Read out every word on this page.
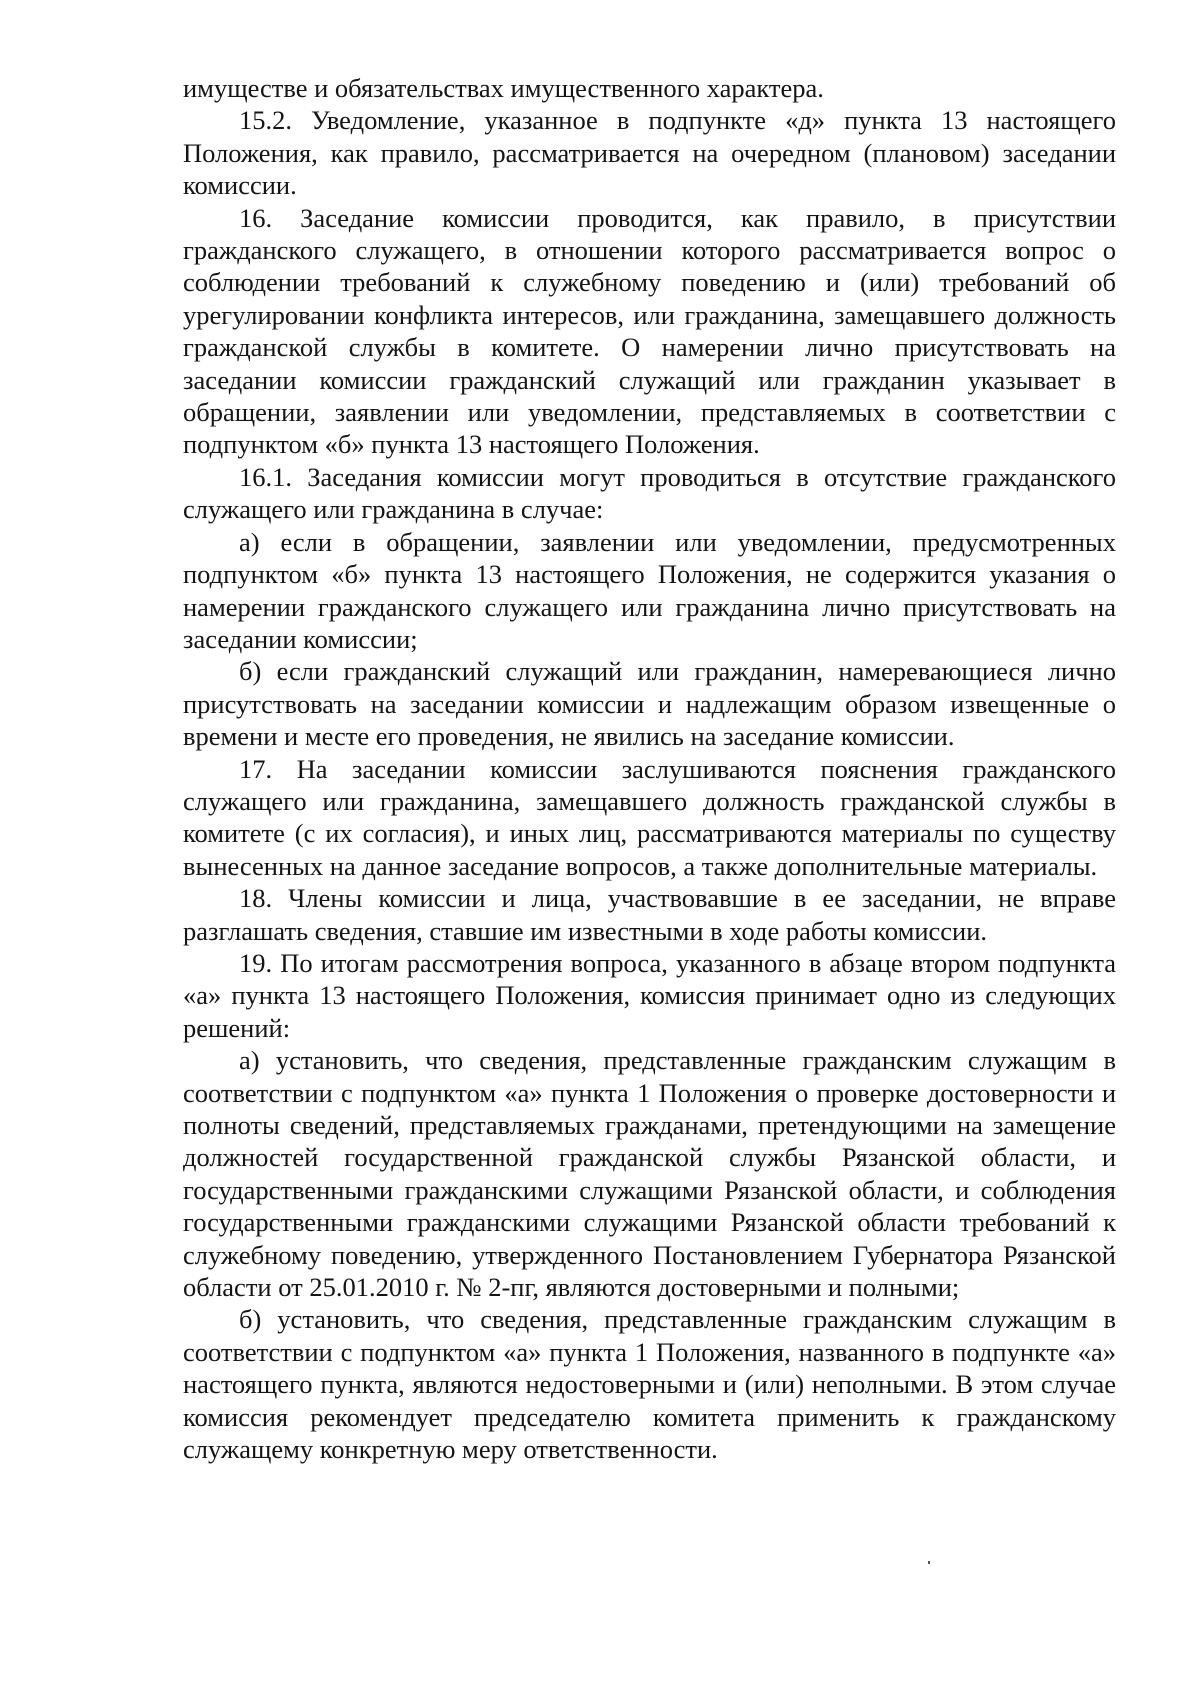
имуществе и обязательствах имущественного характера.

15.2. Уведомление, указанное в подпункте «д» пункта 13 настоящего Положения, как правило, рассматривается на очередном (плановом) заседании комиссии.

16. Заседание комиссии проводится, как правило, в присутствии гражданского служащего, в отношении которого рассматривается вопрос о соблюдении требований к служебному поведению и (или) требований об урегулировании конфликта интересов, или гражданина, замещавшего должность гражданской службы в комитете. О намерении лично присутствовать на заседании комиссии гражданский служащий или гражданин указывает в обращении, заявлении или уведомлении, представляемых в соответствии с подпунктом «б» пункта 13 настоящего Положения.

16.1. Заседания комиссии могут проводиться в отсутствие гражданского служащего или гражданина в случае:

а) если в обращении, заявлении или уведомлении, предусмотренных подпунктом «б» пункта 13 настоящего Положения, не содержится указания о намерении гражданского служащего или гражданина лично присутствовать на заседании комиссии;

б) если гражданский служащий или гражданин, намеревающиеся лично присутствовать на заседании комиссии и надлежащим образом извещенные о времени и месте его проведения, не явились на заседание комиссии.

17. На заседании комиссии заслушиваются пояснения гражданского служащего или гражданина, замещавшего должность гражданской службы в комитете (с их согласия), и иных лиц, рассматриваются материалы по существу вынесенных на данное заседание вопросов, а также дополнительные материалы.

18. Члены комиссии и лица, участвовавшие в ее заседании, не вправе разглашать сведения, ставшие им известными в ходе работы комиссии.

19. По итогам рассмотрения вопроса, указанного в абзаце втором подпункта «а» пункта 13 настоящего Положения, комиссия принимает одно из следующих решений:

а) установить, что сведения, представленные гражданским служащим в соответствии с подпунктом «а» пункта 1 Положения о проверке достоверности и полноты сведений, представляемых гражданами, претендующими на замещение должностей государственной гражданской службы Рязанской области, и государственными гражданскими служащими Рязанской области, и соблюдения государственными гражданскими служащими Рязанской области требований к служебному поведению, утвержденного Постановлением Губернатора Рязанской области от 25.01.2010 г. № 2-пг, являются достоверными и полными;

б) установить, что сведения, представленные гражданским служащим в соответствии с подпунктом «а» пункта 1 Положения, названного в подпункте «а» настоящего пункта, являются недостоверными и (или) неполными. В этом случае комиссия рекомендует председателю комитета применить к гражданскому служащему конкретную меру ответственности.
